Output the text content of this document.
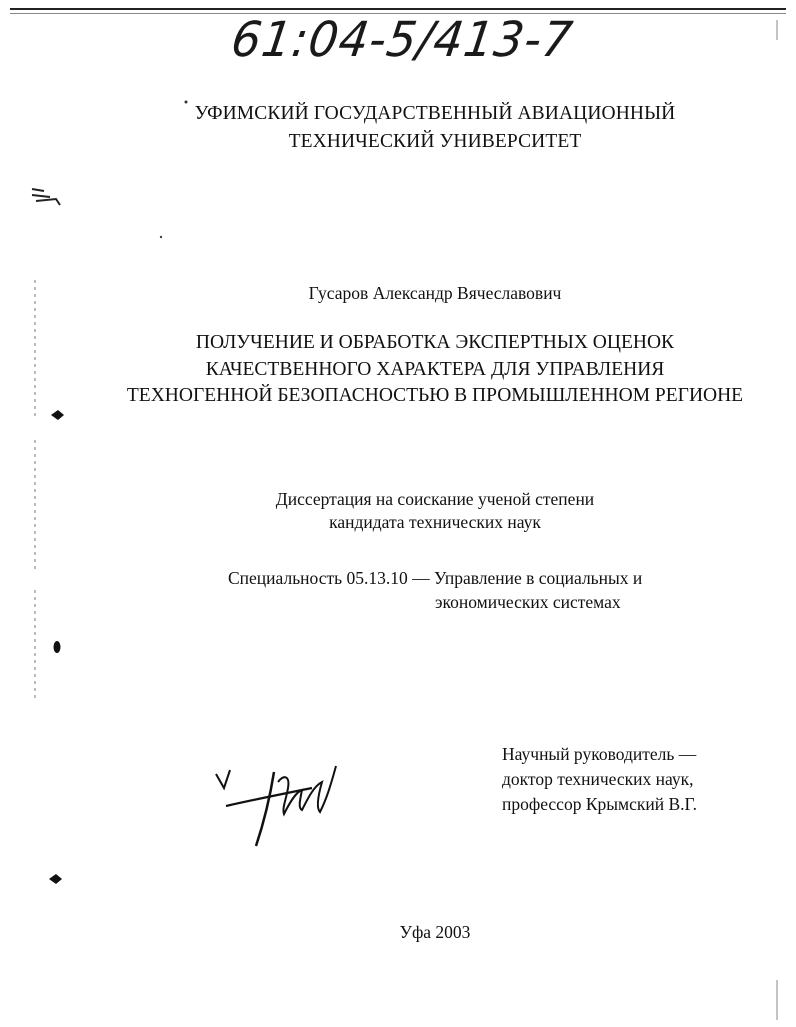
61:04-5/413-7
УФИМСКИЙ ГОСУДАРСТВЕННЫЙ АВИАЦИОННЫЙ
ТЕХНИЧЕСКИЙ УНИВЕРСИТЕТ
Гусаров Александр Вячеславович
ПОЛУЧЕНИЕ И ОБРАБОТКА ЭКСПЕРТНЫХ ОЦЕНОК
КАЧЕСТВЕННОГО ХАРАКТЕРА ДЛЯ УПРАВЛЕНИЯ
ТЕХНОГЕННОЙ БЕЗОПАСНОСТЬЮ В ПРОМЫШЛЕННОМ РЕГИОНЕ
Диссертация на соискание ученой степени
кандидата технических наук
Специальность 05.13.10 — Управление в социальных и
экономических системах
Научный руководитель —
доктор технических наук,
профессор Крымский В.Г.
Уфа 2003
